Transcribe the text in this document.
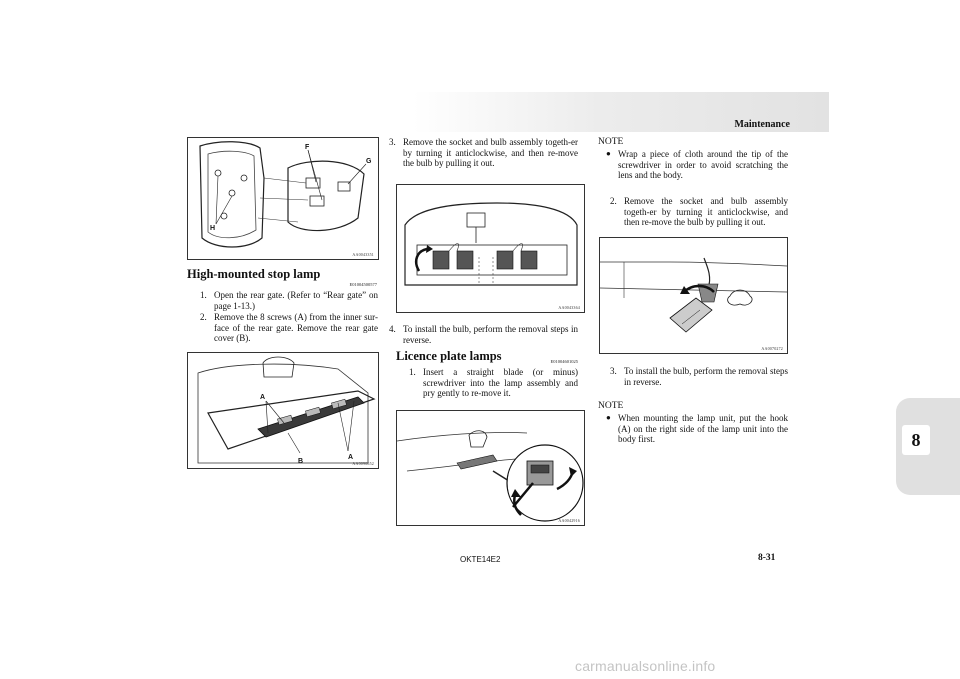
Maintenance
8
F
G
H
AA0043351
High-mounted stop lamp
E01004500577
1. Open the rear gate. (Refer to “Rear gate” on page 1-13.)
2. Remove the 8 screws (A) from the inner sur-face of the rear gate. Remove the rear gate cover (B).
A
A
B	AA0096652
3. Remove the socket and bulb assembly togeth-er by turning it anticlockwise, and then re-move the bulb by pulling it out.
AA0043364
4. To install the bulb, perform the removal steps in reverse.
Licence plate lamps	E01004601025
1. Insert a straight blade (or minus) screwdriver into the lamp assembly and pry gently to re-move it.
AA0042916
NOTE
● Wrap a piece of cloth around the tip of the screwdriver in order to avoid scratching the lens and the body.
2. Remove the socket and bulb assembly togeth-er by turning it anticlockwise, and then re-move the bulb by pulling it out.
AA0070272
3. To install the bulb, perform the removal steps in reverse.
NOTE
● When mounting the lamp unit, put the hook (A) on the right side of the lamp unit into the body first.
OKTE14E2	8-31
carmanualsonline.info
